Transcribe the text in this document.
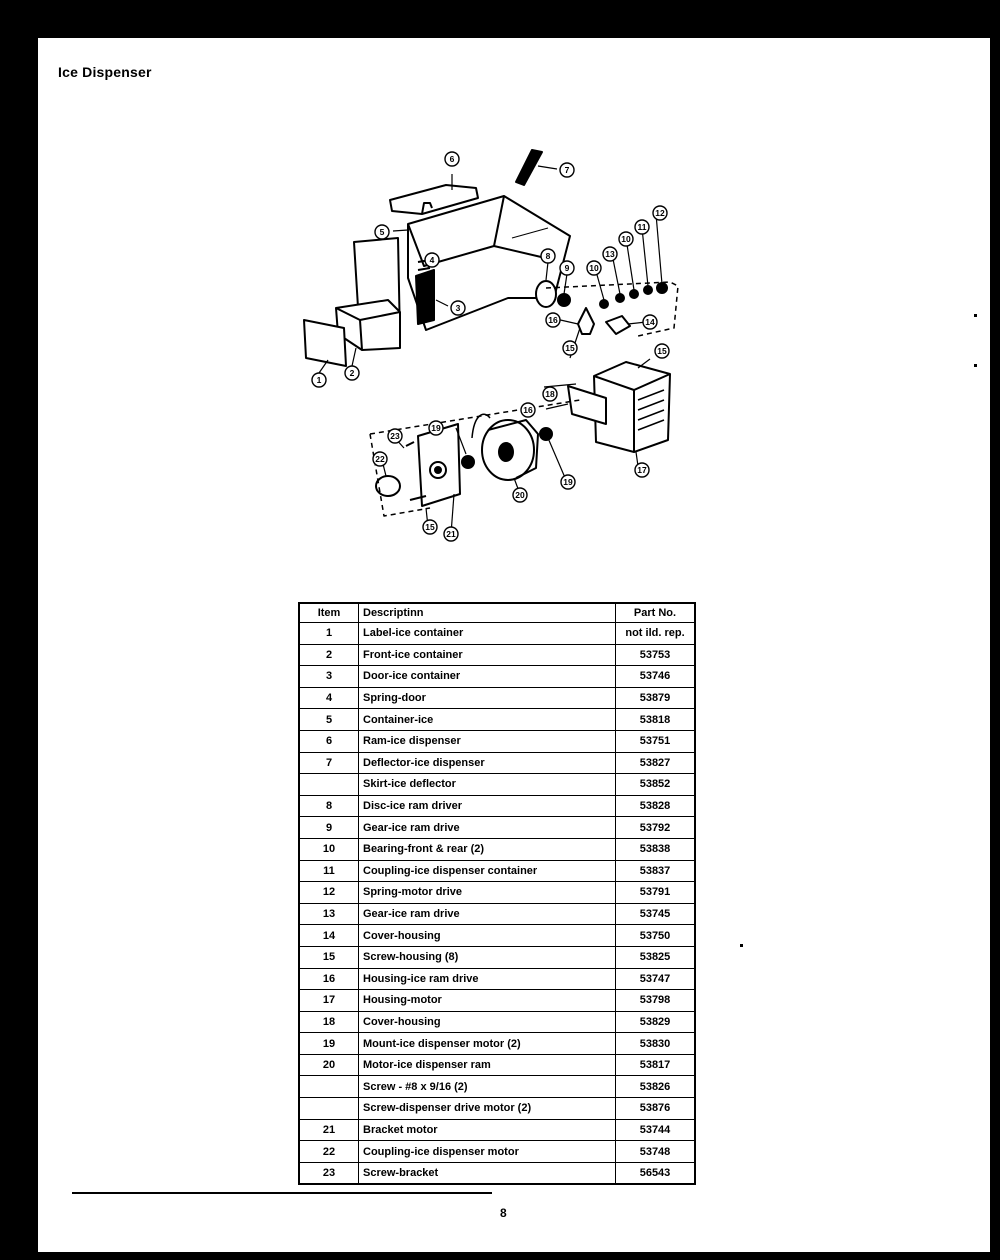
Ice Dispenser
1
2
3
4
5
6
7
8
9 10
13
10
11
12
16	14
15	15
18
16
17
19
20
19
23
22
15
21
Item	Descriptinn	Part No.
1	Label-ice container	not ild. rep.
2	Front-ice container	53753
3	Door-ice container	53746
4	Spring-door	53879
5	Container-ice	53818
6	Ram-ice dispenser	53751
7	Deflector-ice dispenser	53827
	Skirt-ice deflector	53852
8	Disc-ice ram driver	53828
9	Gear-ice ram drive	53792
10	Bearing-front & rear (2)	53838
11	Coupling-ice dispenser container	53837
12	Spring-motor drive	53791
13	Gear-ice ram drive	53745
14	Cover-housing	53750
15	Screw-housing (8)	53825
16	Housing-ice ram drive	53747
17	Housing-motor	53798
18	Cover-housing	53829
19	Mount-ice dispenser motor (2)	53830
20	Motor-ice dispenser ram	53817
	Screw - #8 x 9/16 (2)	53826
	Screw-dispenser drive motor (2)	53876
21	Bracket motor	53744
22	Coupling-ice dispenser motor	53748
23	Screw-bracket	56543
8
